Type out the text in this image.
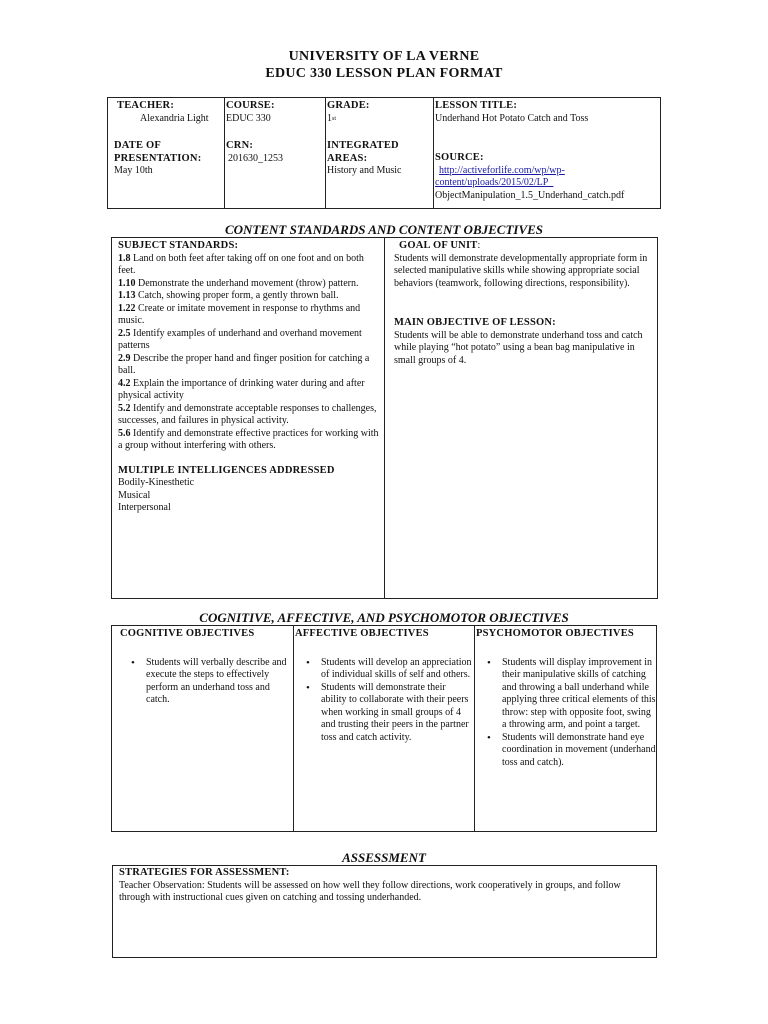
UNIVERSITY OF LA VERNE
EDUC 330 LESSON PLAN FORMAT
TEACHER:
Alexandria Light
DATE OF
PRESENTATION:
May 10th
COURSE:
EDUC 330
CRN:
201630_1253
GRADE:
1st
INTEGRATED
AREAS:
History and Music
LESSON TITLE:
Underhand Hot Potato Catch and Toss
SOURCE:
http://activeforlife.com/wp/wp-
content/uploads/2015/02/LP_
ObjectManipulation_1.5_Underhand_catch.pdf
CONTENT STANDARDS AND CONTENT OBJECTIVES
SUBJECT STANDARDS:
1.8 Land on both feet after taking off on one foot and on both feet.
1.10 Demonstrate the underhand movement (throw) pattern.
1.13 Catch, showing proper form, a gently thrown ball.
1.22 Create or imitate movement in response to rhythms and music.
2.5 Identify examples of underhand and overhand movement patterns
2.9 Describe the proper hand and finger position for catching a ball.
4.2 Explain the importance of drinking water during and after physical activity
5.2 Identify and demonstrate acceptable responses to challenges, successes, and failures in physical activity.
5.6 Identify and demonstrate effective practices for working with a group without interfering with others.
MULTIPLE INTELLIGENCES ADDRESSED
Bodily-Kinesthetic
Musical
Interpersonal
GOAL OF UNIT:
Students will demonstrate developmentally appropriate form in selected manipulative skills while showing appropriate social behaviors (teamwork, following directions, responsibility).
MAIN OBJECTIVE OF LESSON:
Students will be able to demonstrate underhand toss and catch while playing “hot potato” using a bean bag manipulative in small groups of 4.
COGNITIVE, AFFECTIVE, AND PSYCHOMOTOR OBJECTIVES
COGNITIVE OBJECTIVES
• Students will verbally describe and execute the steps to effectively perform an underhand toss and catch.
AFFECTIVE OBJECTIVES
• Students will develop an appreciation of individual skills of self and others.
• Students will demonstrate their ability to collaborate with their peers when working in small groups of 4 and trusting their peers in the partner toss and catch activity.
PSYCHOMOTOR OBJECTIVES
• Students will display improvement in their manipulative skills of catching and throwing a ball underhand while applying three critical elements of this throw: step with opposite foot, swing a throwing arm, and point a target.
• Students will demonstrate hand eye coordination in movement (underhand toss and catch).
ASSESSMENT
STRATEGIES FOR ASSESSMENT:
Teacher Observation: Students will be assessed on how well they follow directions, work cooperatively in groups, and follow through with instructional cues given on catching and tossing underhanded.
